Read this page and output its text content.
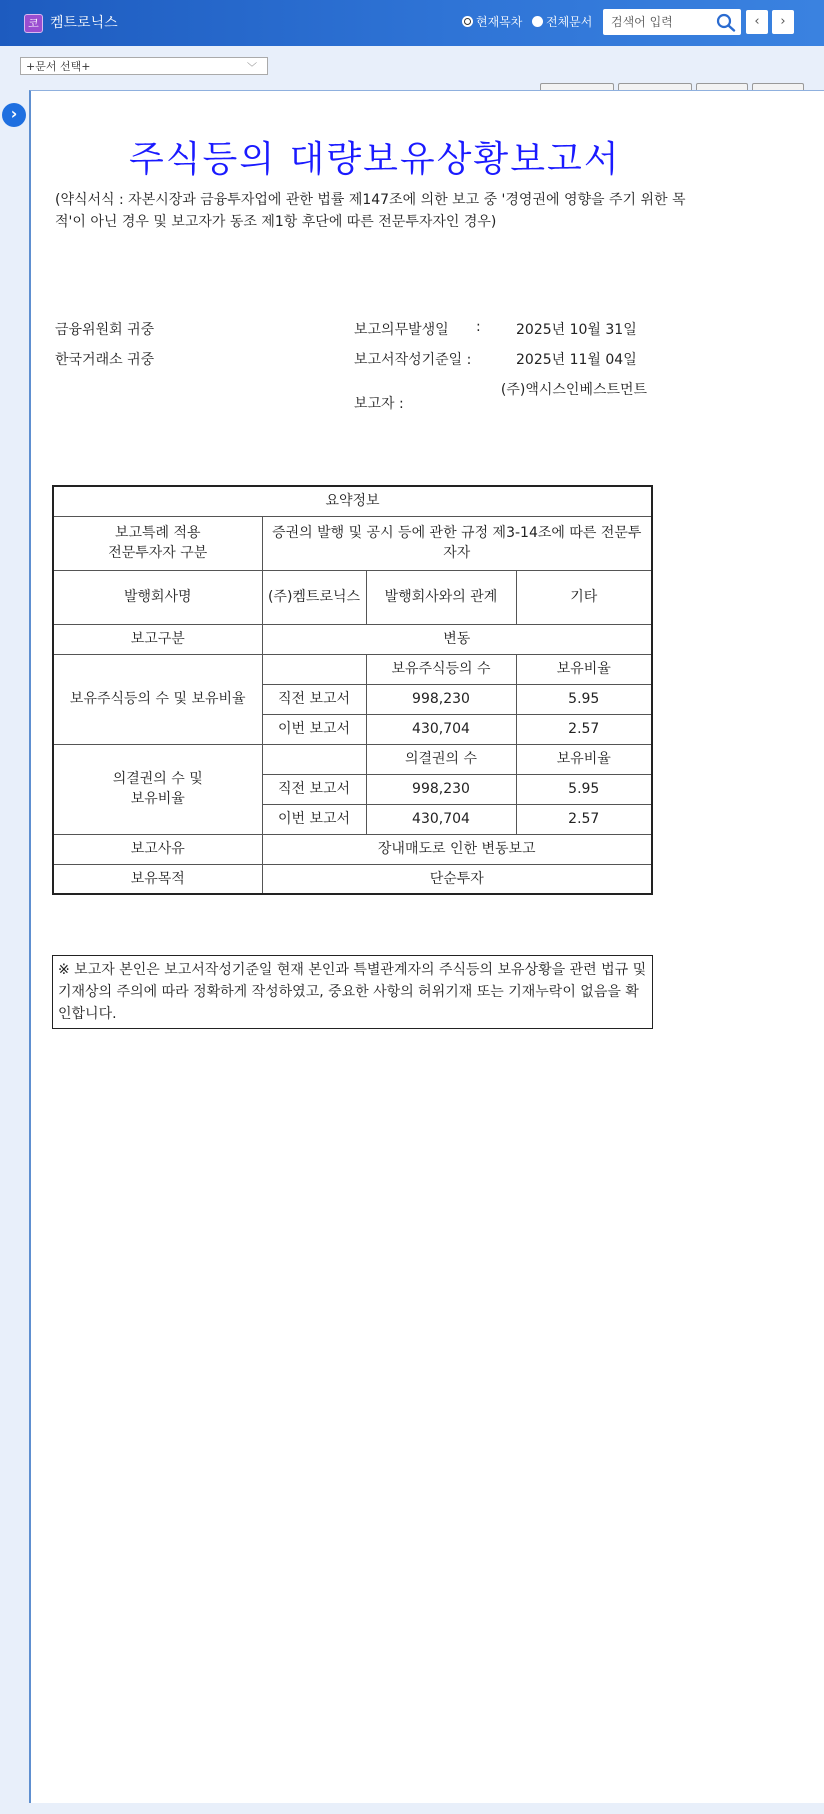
코 켐트로닉스	현재목차	전체문서
검색어 입력	‹	›
+문서 선택+	﹀
›
주식등의 대량보유상황보고서
(약식서식 : 자본시장과 금융투자업에 관한 법률 제147조에 의한 보고 중 '경영권에 영향을 주기 위한 목적'이 아닌 경우 및 보고자가 동조 제1항 후단에 따른 전문투자자인 경우)
금융위원회 귀중
한국거래소 귀중
보고의무발생일 :	2025년 10월 31일
보고서작성기준일 :	2025년 11월 04일
보고자 :
(주)액시스인베스트먼트
요약정보			
보고특례 적용
전문투자자 구분	증권의 발행 및 공시 등에 관한 규정 제3-14조에 따른 전문투자자		
발행회사명	(주)켐트로닉스	발행회사와의 관계	기타
보고구분	변동		
보유주식등의 수 및 보유비율		보유주식등의 수	보유비율
	직전 보고서	998,230	5.95
	이번 보고서	430,704	2.57
의결권의 수 및
보유비율		의결권의 수	보유비율
	직전 보고서	998,230	5.95
	이번 보고서	430,704	2.57
보고사유	장내매도로 인한 변동보고		
보유목적	단순투자		
※ 보고자 본인은 보고서작성기준일 현재 본인과 특별관계자의 주식등의 보유상황을 관련 법규 및 기재상의 주의에 따라 정확하게 작성하였고, 중요한 사항의 허위기재 또는 기재누락이 없음을 확인합니다.
